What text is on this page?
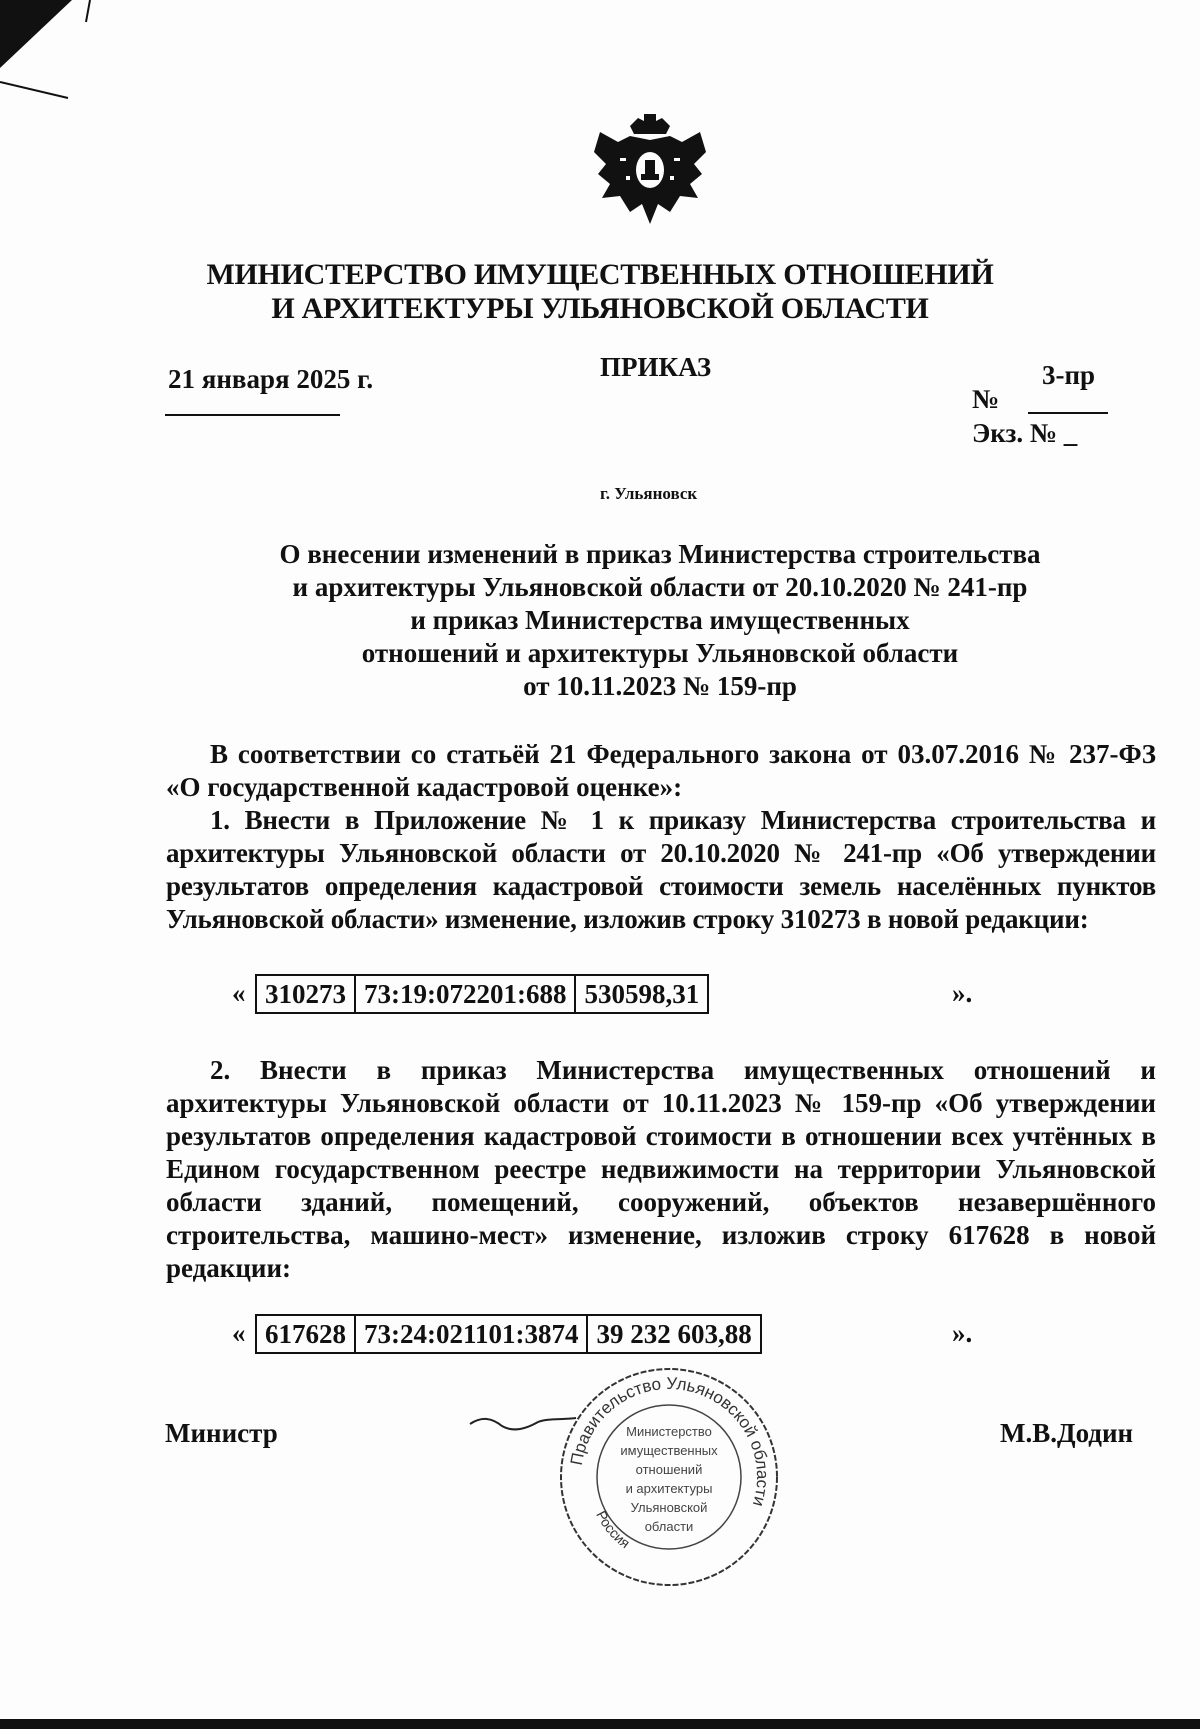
МИНИСТЕРСТВО ИМУЩЕСТВЕННЫХ ОТНОШЕНИЙ
И АРХИТЕКТУРЫ УЛЬЯНОВСКОЙ ОБЛАСТИ
21 января 2025 г.	ПРИКАЗ
№
3-пр
Экз. № _
г. Ульяновск
О внесении изменений в приказ Министерства строительства
и архитектуры Ульяновской области от 20.10.2020 № 241-пр
и приказ Министерства имущественных
отношений и архитектуры Ульяновской области
от 10.11.2023 № 159-пр

В соответствии со статьёй 21 Федерального закона от 03.07.2016 № 237-ФЗ «О государственной кадастровой оценке»:

1. Внести в Приложение № 1 к приказу Министерства строительства и архитектуры Ульяновской области от 20.10.2020 № 241-пр «Об утверждении результатов определения кадастровой стоимости земель населённых пунктов Ульяновской области» изменение, изложив строку 310273 в новой редакции:

« 310273	73:19:072201:688	530598,31	».

2. Внести в приказ Министерства имущественных отношений и архитектуры Ульяновской области от 10.11.2023 № 159-пр «Об утверждении результатов определения кадастровой стоимости в отношении всех учтённых в Едином государственном реестре недвижимости на территории Ульяновской области зданий, помещений, сооружений, объектов незавершённого строительства, машино-мест» изменение, изложив строку 617628 в новой редакции:

« 617628	73:24:021101:3874	39 232 603,88	».
Министр
Правительство Ульяновской области
Россия
Министерство
имущественных
отношений
и архитектуры
Ульяновской
области
М.В.Додин
